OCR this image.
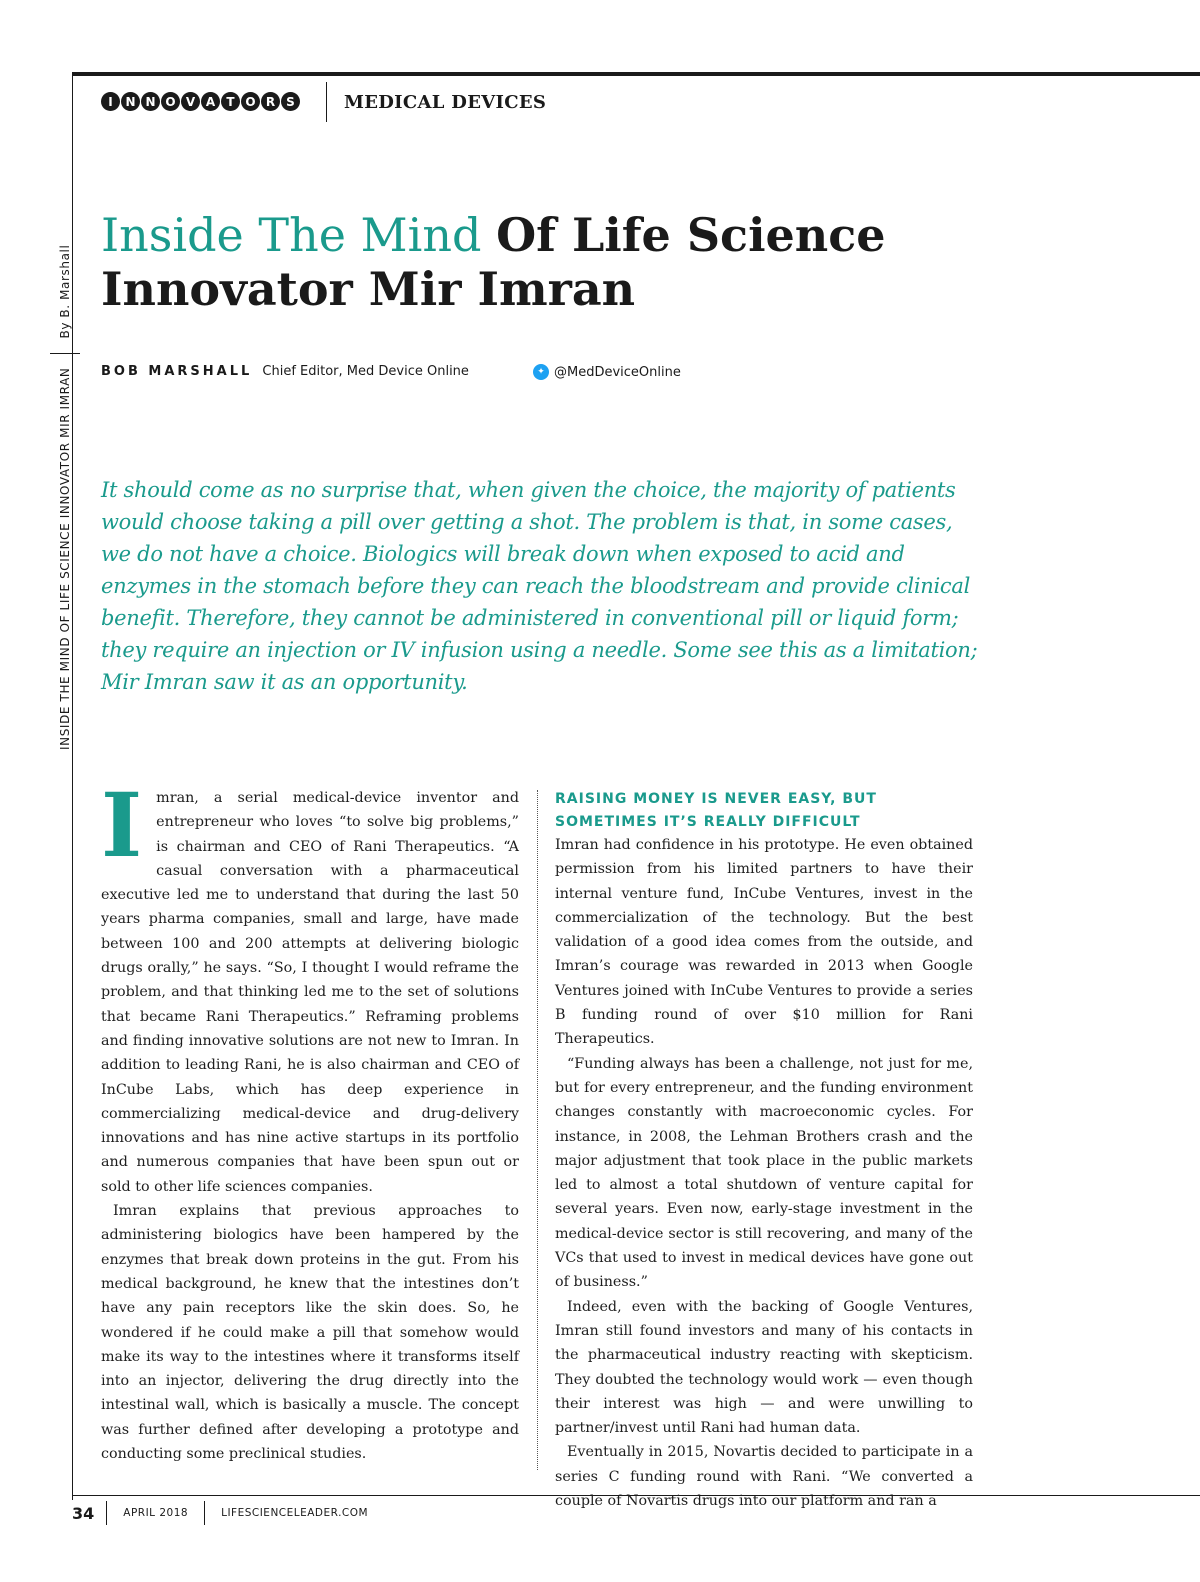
I	N N O V A T O R S	MEDICAL DEVICES
INSIDE THE MIND OF LIFE SCIENCE INNOVATOR MIR IMRAN
By B. Marshall
Inside The Mind Of Life Science
Innovator Mir Imran
BOB MARSHALL Chief Editor, Med Device Online	✦ @MedDeviceOnline

It should come as no surprise that, when given the choice, the majority of patients would choose taking a pill over getting a shot. The problem is that, in some cases, we do not have a choice. Biologics will break down when exposed to acid and enzymes in the stomach before they can reach the bloodstream and provide clinical benefit. Therefore, they cannot be administered in conventional pill or liquid form; they require an injection or IV infusion using a needle. Some see this as a limitation; Mir Imran saw it as an opportunity.

Imran, a serial medical-device inventor and entrepreneur who loves “to solve big problems,” is chairman and CEO of Rani Therapeutics. “A casual conversation with a pharmaceutical executive led me to understand that during the last 50 years pharma companies, small and large, have made between 100 and 200 attempts at delivering biologic drugs orally,” he says. “So, I thought I would reframe the problem, and that thinking led me to the set of solutions that became Rani Therapeutics.” Reframing problems and finding innovative solutions are not new to Imran. In addition to leading Rani, he is also chairman and CEO of InCube Labs, which has deep experience in commercializing medical-device and drug-delivery innovations and has nine active startups in its portfolio and numerous companies that have been spun out or sold to other life sciences companies.

Imran explains that previous approaches to administering biologics have been hampered by the enzymes that break down proteins in the gut. From his medical background, he knew that the intestines don’t have any pain receptors like the skin does. So, he wondered if he could make a pill that somehow would make its way to the intestines where it transforms itself into an injector, delivering the drug directly into the intestinal wall, which is basically a muscle. The concept was further defined after developing a prototype and conducting some preclinical studies.

RAISING MONEY IS NEVER EASY, BUT SOMETIMES IT’S REALLY DIFFICULT

Imran had confidence in his prototype. He even obtained permission from his limited partners to have their internal venture fund, InCube Ventures, invest in the commercialization of the technology. But the best validation of a good idea comes from the outside, and Imran’s courage was rewarded in 2013 when Google Ventures joined with InCube Ventures to provide a series B funding round of over $10 million for Rani Therapeutics.

“Funding always has been a challenge, not just for me, but for every entrepreneur, and the funding environment changes constantly with macroeconomic cycles. For instance, in 2008, the Lehman Brothers crash and the major adjustment that took place in the public markets led to almost a total shutdown of venture capital for several years. Even now, early-stage investment in the medical-device sector is still recovering, and many of the VCs that used to invest in medical devices have gone out of business.”

Indeed, even with the backing of Google Ventures, Imran still found investors and many of his contacts in the pharmaceutical industry reacting with skepticism. They doubted the technology would work — even though their interest was high — and were unwilling to partner/invest until Rani had human data.

Eventually in 2015, Novartis decided to participate in a series C funding round with Rani. “We converted a couple of Novartis drugs into our platform and ran a

34	APRIL 2018	LIFESCIENCELEADER.COM
